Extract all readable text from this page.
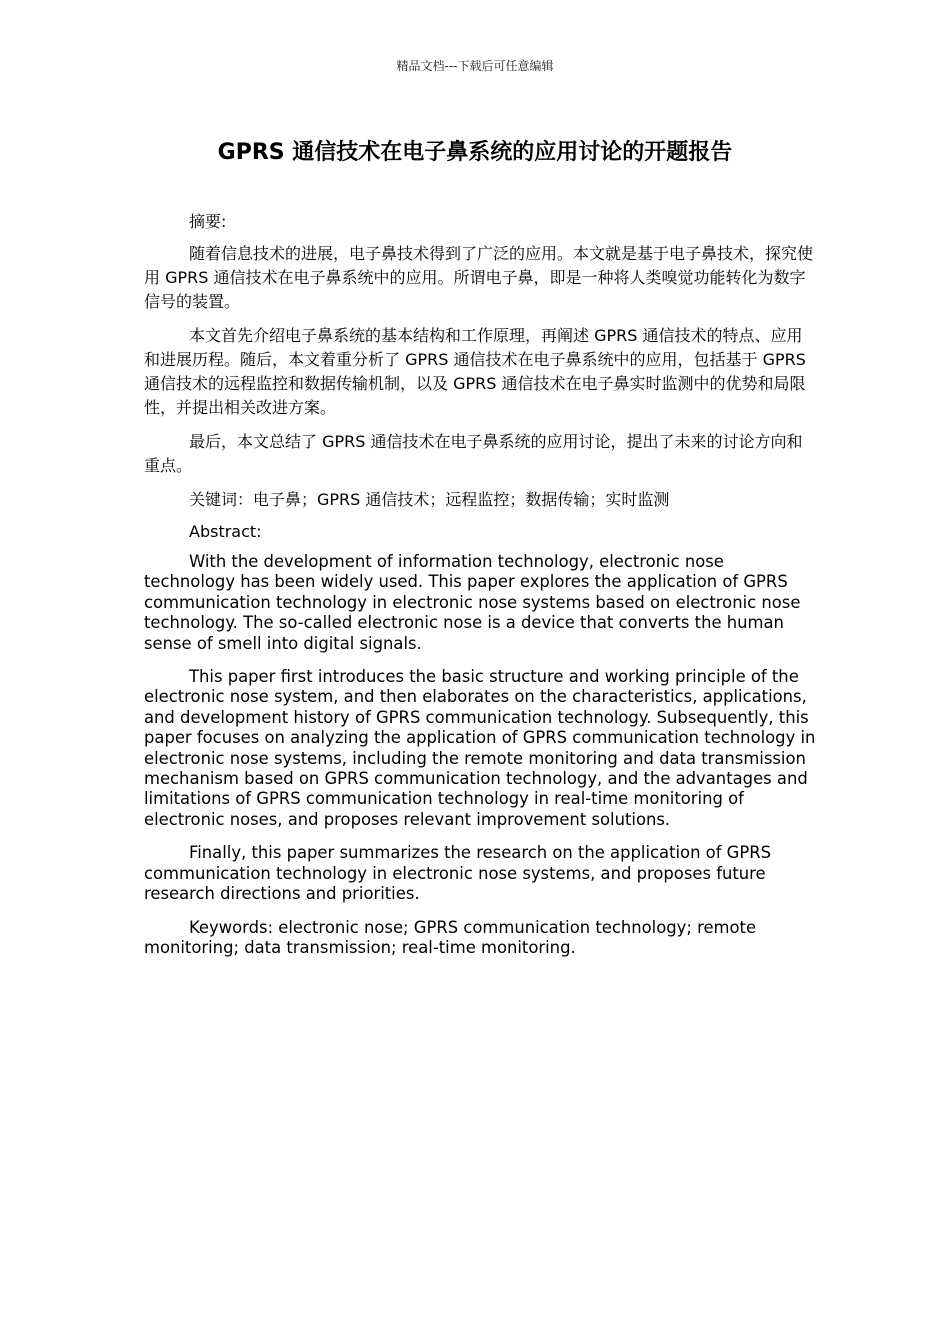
精品文档---下载后可任意编辑
GPRS 通信技术在电子鼻系统的应用讨论的开题报告

摘要:

随着信息技术的进展，电子鼻技术得到了广泛的应用。本文就是基于电子鼻技术，探究使用 GPRS 通信技术在电子鼻系统中的应用。所谓电子鼻，即是一种将人类嗅觉功能转化为数字信号的装置。

本文首先介绍电子鼻系统的基本结构和工作原理，再阐述 GPRS 通信技术的特点、应用和进展历程。随后，本文着重分析了 GPRS 通信技术在电子鼻系统中的应用，包括基于 GPRS 通信技术的远程监控和数据传输机制，以及 GPRS 通信技术在电子鼻实时监测中的优势和局限性，并提出相关改进方案。

最后，本文总结了 GPRS 通信技术在电子鼻系统的应用讨论，提出了未来的讨论方向和重点。

关键词：电子鼻；GPRS 通信技术；远程监控；数据传输；实时监测

Abstract:

With the development of information technology, electronic nose technology has been widely used. This paper explores the application of GPRS communication technology in electronic nose systems based on electronic nose technology. The so-called electronic nose is a device that converts the human sense of smell into digital signals.

This paper first introduces the basic structure and working principle of the electronic nose system, and then elaborates on the characteristics, applications, and development history of GPRS communication technology. Subsequently, this paper focuses on analyzing the application of GPRS communication technology in electronic nose systems, including the remote monitoring and data transmission mechanism based on GPRS communication technology, and the advantages and limitations of GPRS communication technology in real-time monitoring of electronic noses, and proposes relevant improvement solutions.

Finally, this paper summarizes the research on the application of GPRS communication technology in electronic nose systems, and proposes future research directions and priorities.

Keywords: electronic nose; GPRS communication technology; remote monitoring; data transmission; real-time monitoring.
